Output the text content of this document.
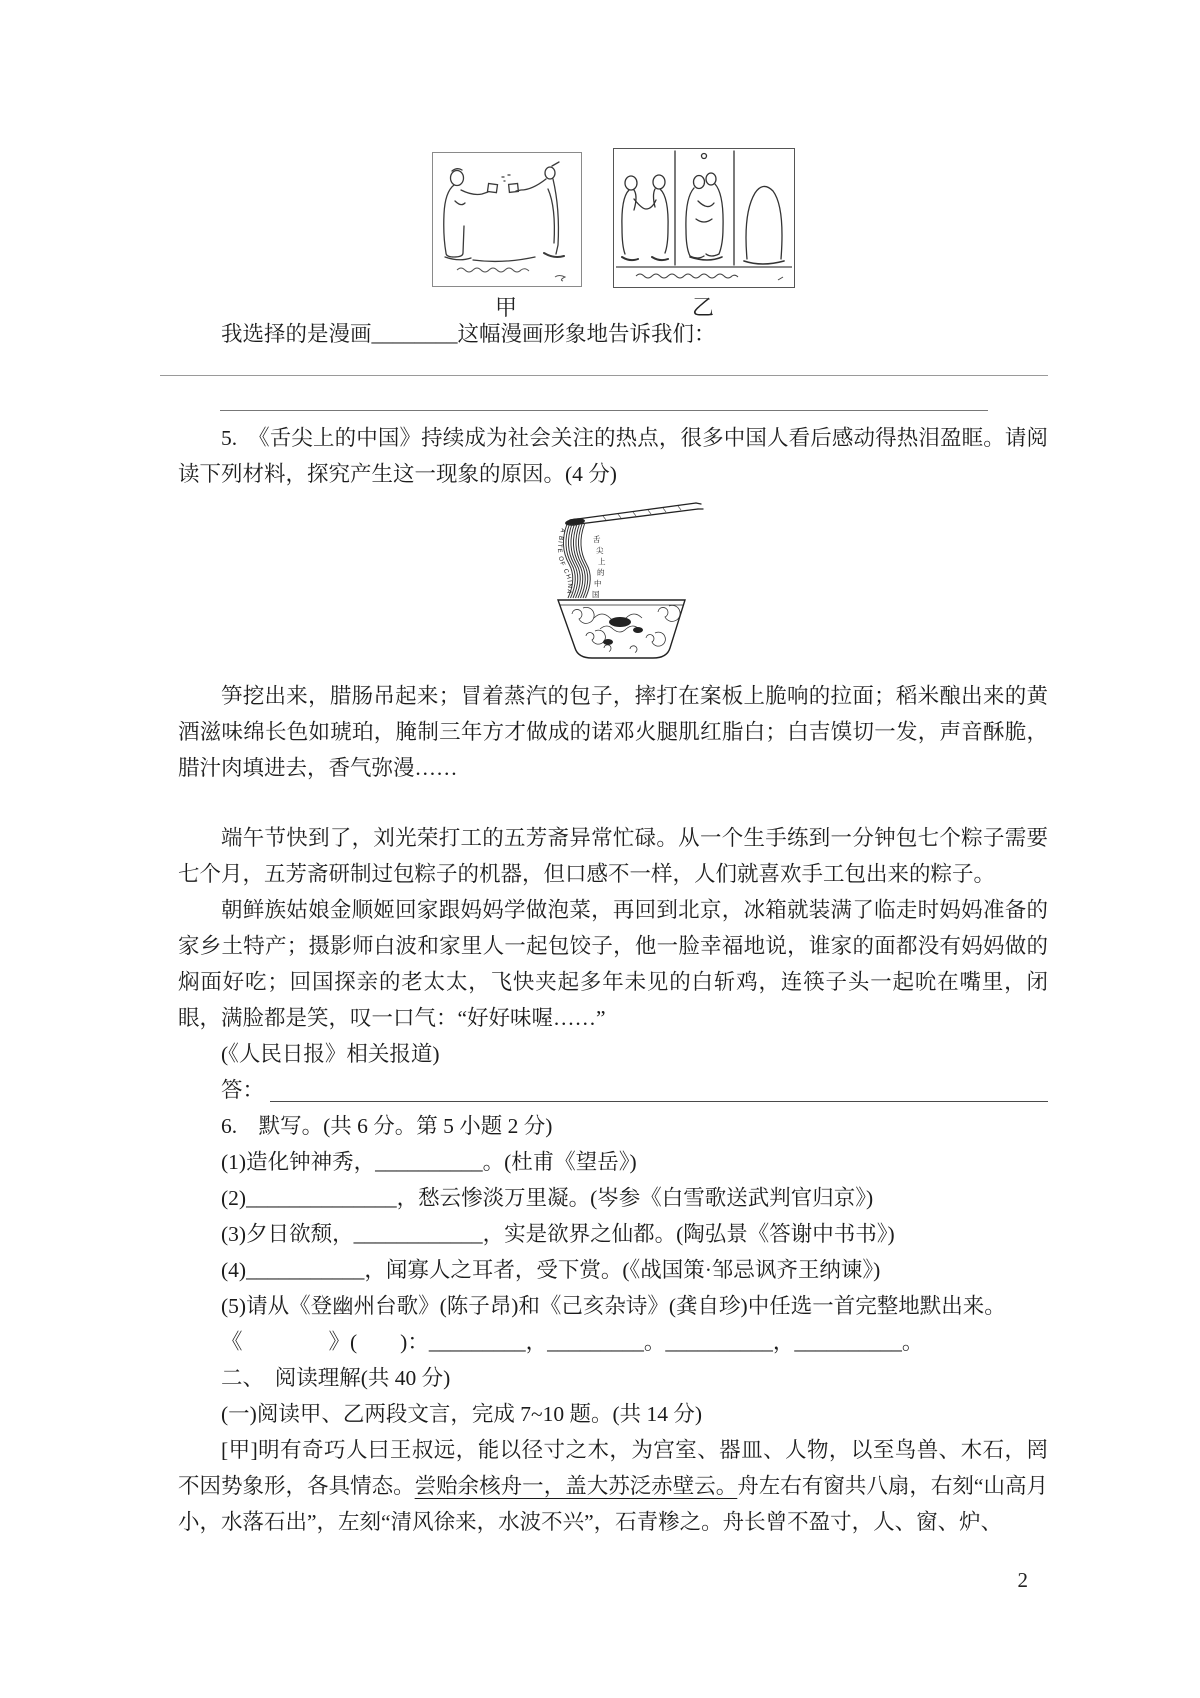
甲	乙

我选择的是漫画________这幅漫画形象地告诉我们：

5.　《舌尖上的中国》持续成为社会关注的热点，很多中国人看后感动得热泪盈眶。请阅读下列材料，探究产生这一现象的原因。(4 分)

A BITE OF CHINA
舌 尖 上 的 中 国

笋挖出来，腊肠吊起来；冒着蒸汽的包子，摔打在案板上脆响的拉面；稻米酿出来的黄酒滋味绵长色如琥珀，腌制三年方才做成的诺邓火腿肌红脂白；白吉馍切一发，声音酥脆，腊汁肉填进去，香气弥漫……

端午节快到了，刘光荣打工的五芳斋异常忙碌。从一个生手练到一分钟包七个粽子需要七个月，五芳斋研制过包粽子的机器，但口感不一样，人们就喜欢手工包出来的粽子。

朝鲜族姑娘金顺姬回家跟妈妈学做泡菜，再回到北京，冰箱就装满了临走时妈妈准备的家乡土特产；摄影师白波和家里人一起包饺子，他一脸幸福地说，谁家的面都没有妈妈做的焖面好吃；回国探亲的老太太，飞快夹起多年未见的白斩鸡，连筷子头一起吮在嘴里，闭眼，满脸都是笑，叹一口气：“好好味喔……”

(《人民日报》相关报道)

答：

6.　默写。(共 6 分。第 5 小题 2 分)

(1)造化钟神秀，__________。(杜甫《望岳》)

(2)______________，愁云惨淡万里凝。(岑参《白雪歌送武判官归京》)

(3)夕日欲颓，____________，实是欲界之仙都。(陶弘景《答谢中书书》)

(4)___________，闻寡人之耳者，受下赏。(《战国策·邹忌讽齐王纳谏》)

(5)请从《登幽州台歌》(陈子昂)和《己亥杂诗》(龚自珍)中任选一首完整地默出来。

《　　　　》(　　)：_________，_________。__________，__________。

二、　阅读理解(共 40 分)

(一)阅读甲、乙两段文言，完成 7~10 题。(共 14 分)

[甲]明有奇巧人曰王叔远，能以径寸之木，为宫室、器皿、人物，以至鸟兽、木石，罔不因势象形，各具情态。尝贻余核舟一，盖大苏泛赤壁云。舟左右有窗共八扇，右刻“山高月小，水落石出”，左刻“清风徐来，水波不兴”，石青糁之。舟长曾不盈寸，人、窗、炉、

2
